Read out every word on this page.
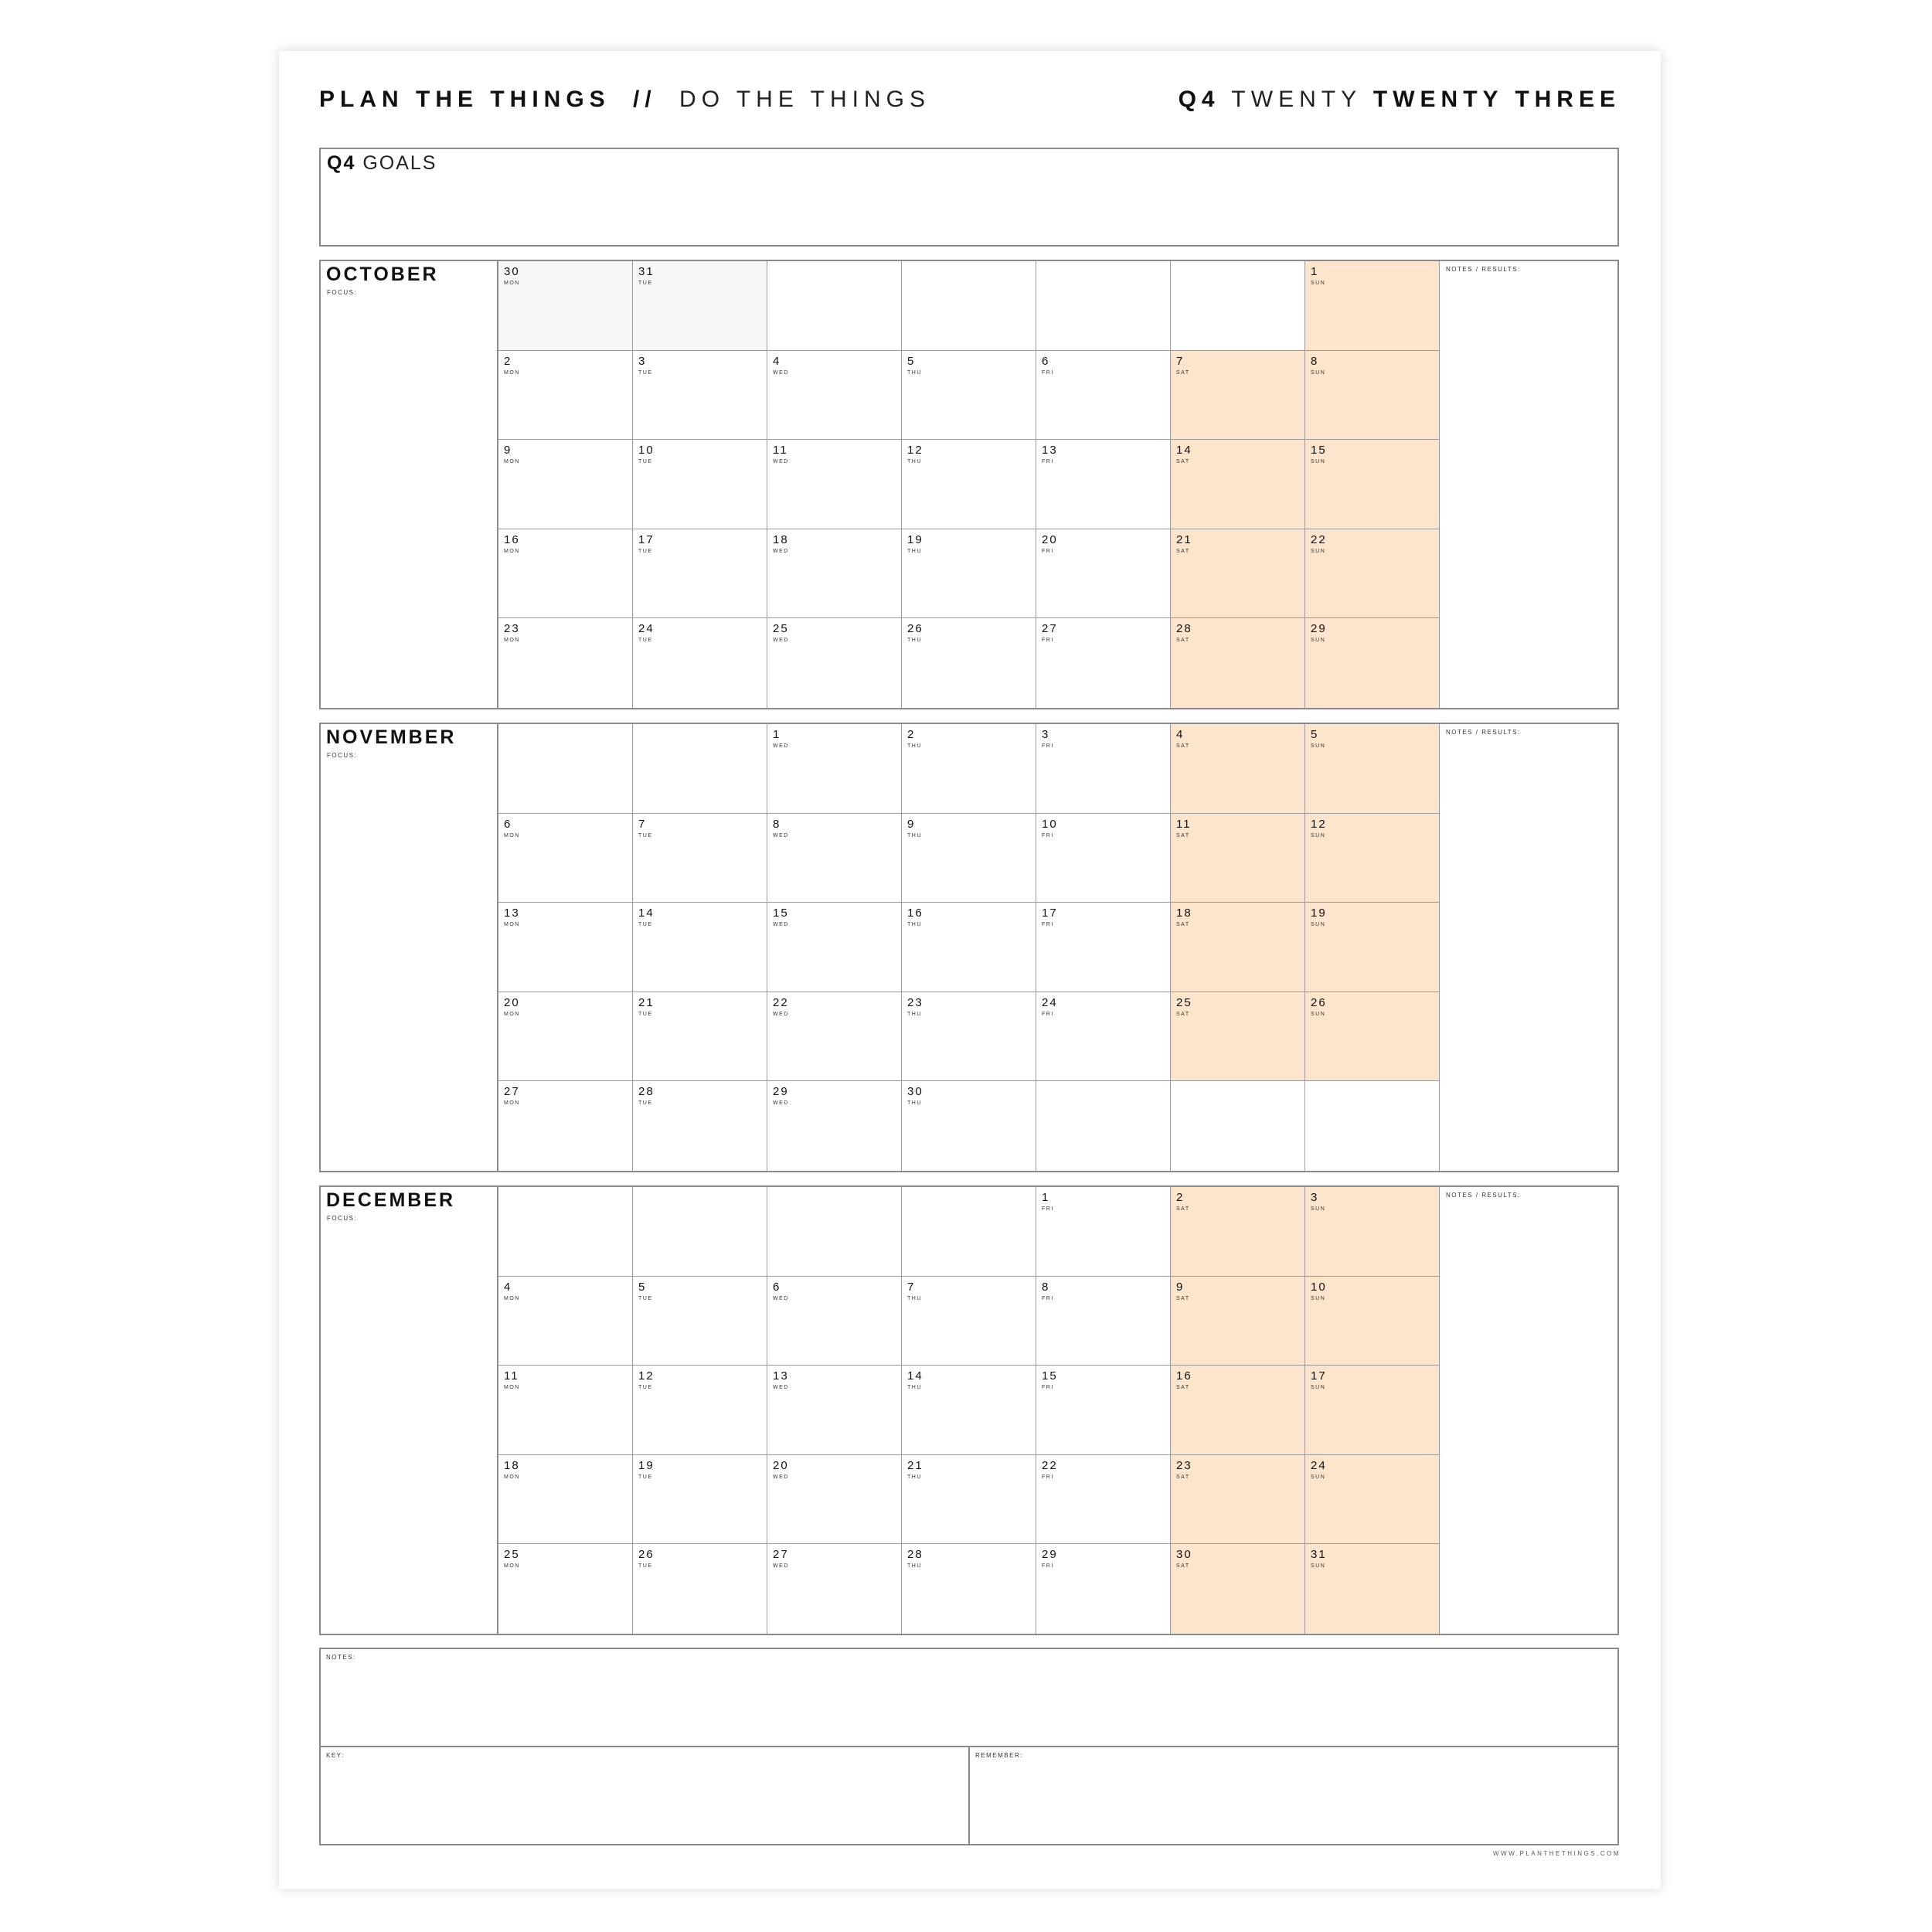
PLAN THE THINGS // DO THE THINGS	Q4 TWENTY TWENTY THREE
Q4 GOALS
OCTOBER
FOCUS:
30
MON
31
TUE
1
SUN
2
MON
3
TUE
4
WED
5
THU
6
FRI
7
SAT
8
SUN
9
MON
10
TUE
11
WED
12
THU
13
FRI
14
SAT
15
SUN
16
MON
17
TUE
18
WED
19
THU
20
FRI
21
SAT
22
SUN
23
MON
24
TUE
25
WED
26
THU
27
FRI
28
SAT
29
SUN
NOTES / RESULTS:
NOVEMBER
FOCUS:
1
WED
2
THU
3
FRI
4
SAT
5
SUN
6
MON
7
TUE
8
WED
9
THU
10
FRI
11
SAT
12
SUN
13
MON
14
TUE
15
WED
16
THU
17
FRI
18
SAT
19
SUN
20
MON
21
TUE
22
WED
23
THU
24
FRI
25
SAT
26
SUN
27
MON
28
TUE
29
WED
30
THU
NOTES / RESULTS:
DECEMBER
FOCUS:
1
FRI
2
SAT
3
SUN
4
MON
5
TUE
6
WED
7
THU
8
FRI
9
SAT
10
SUN
11
MON
12
TUE
13
WED
14
THU
15
FRI
16
SAT
17
SUN
18
MON
19
TUE
20
WED
21
THU
22
FRI
23
SAT
24
SUN
25
MON
26
TUE
27
WED
28
THU
29
FRI
30
SAT
31
SUN
NOTES / RESULTS:
NOTES:
KEY:	REMEMBER:
WWW.PLANTHETHINGS.COM
